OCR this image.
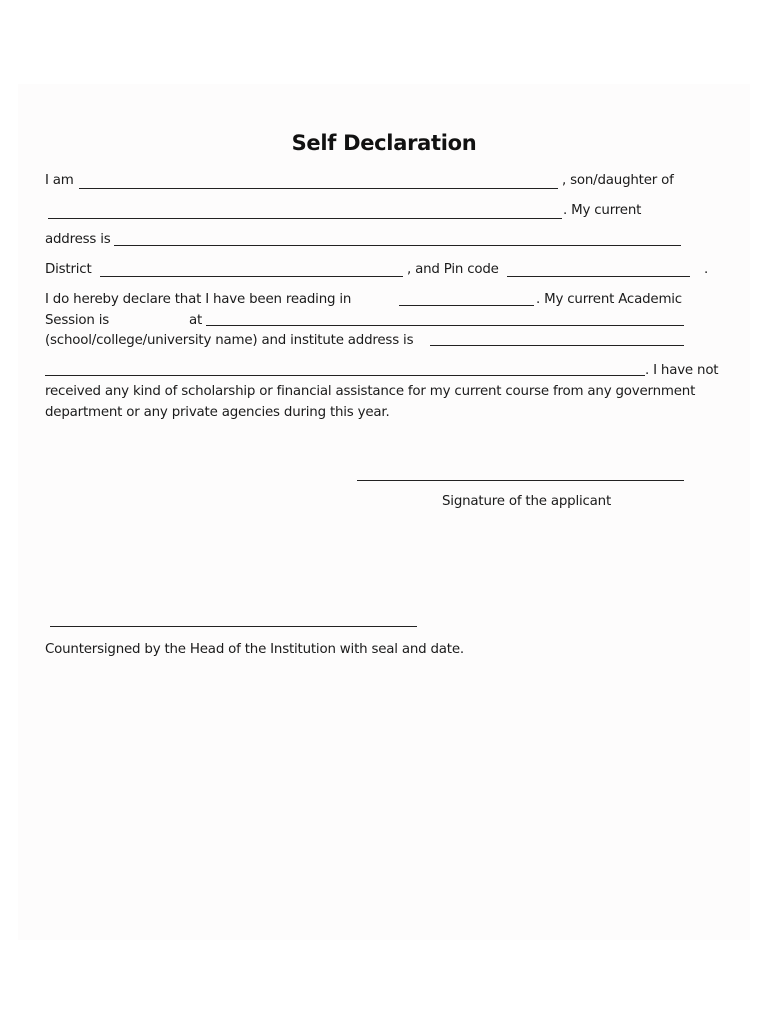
Self Declaration
I am	, son/daughter of
. My current
address is
District	, and Pin code	.
I do hereby declare that I have been reading in	. My current Academic
Session is	at
(school/college/university name) and institute address is
. I have not
received any kind of scholarship or financial assistance for my current course from any government
department or any private agencies during this year.
Signature of the applicant
Countersigned by the Head of the Institution with seal and date.
